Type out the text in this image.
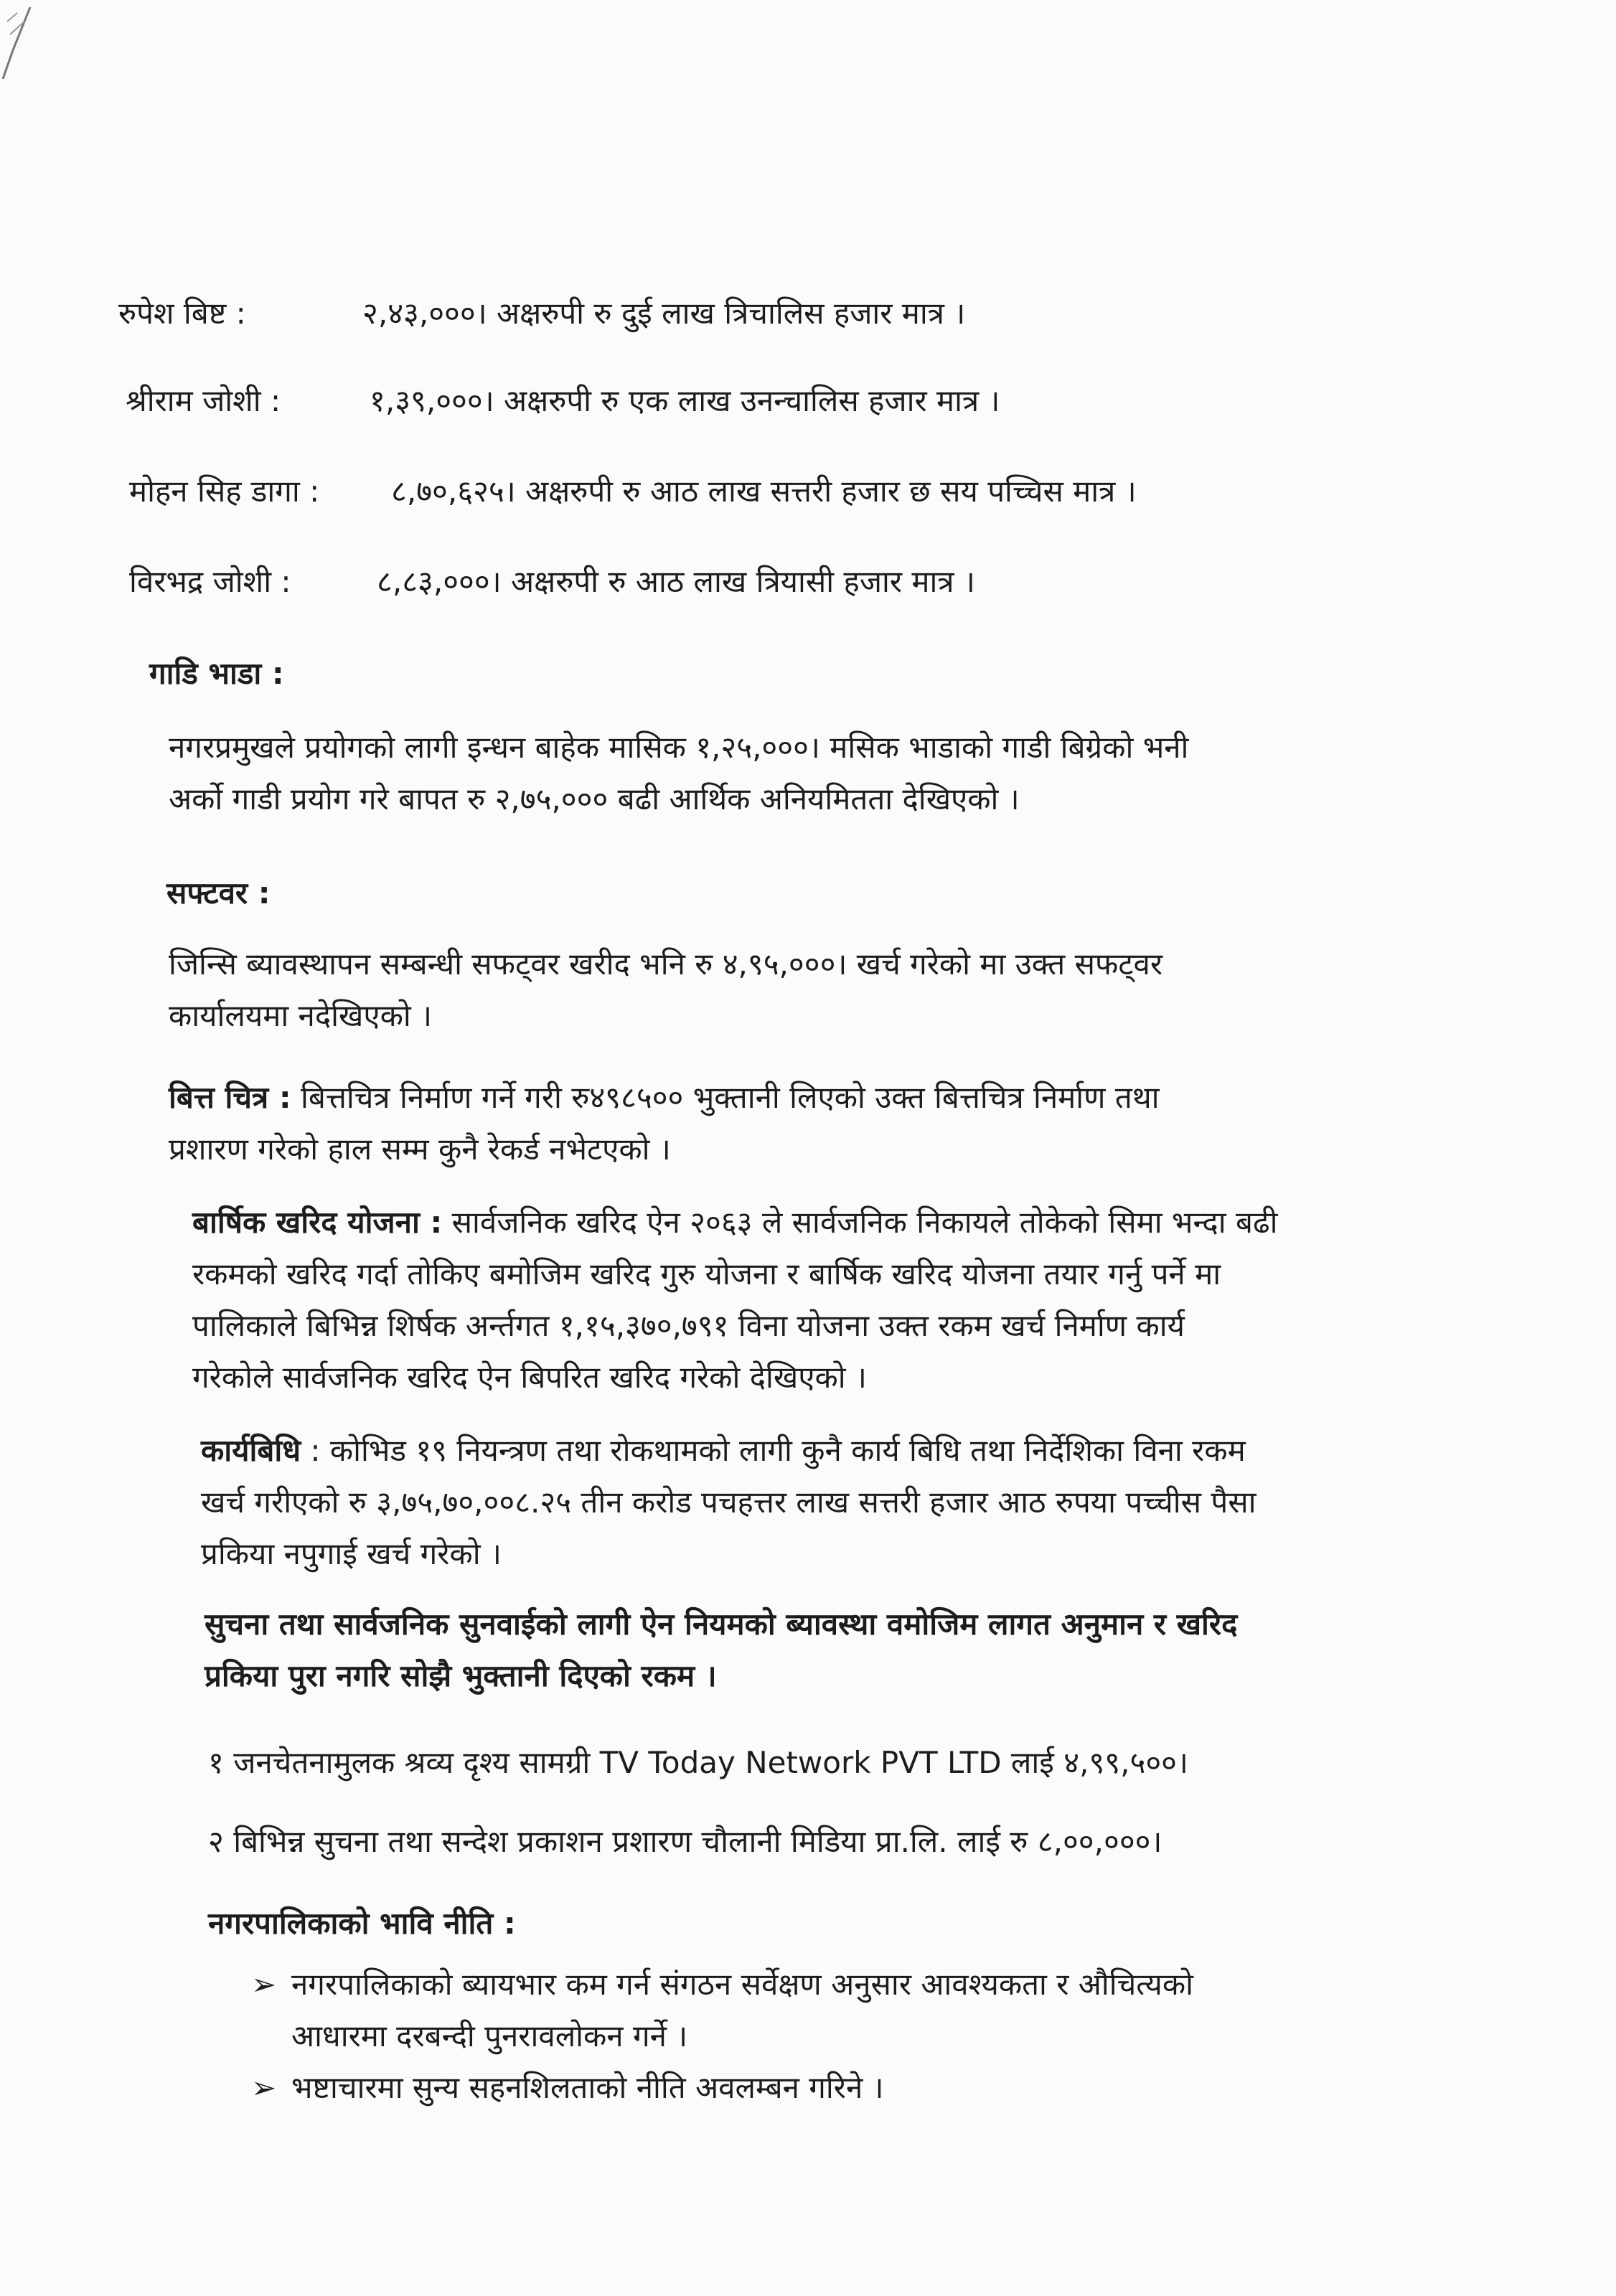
रुपेश बिष्ट :	२,४३,०००। अक्षरुपी रु दुई लाख त्रिचालिस हजार मात्र ।
श्रीराम जोशी :	१,३९,०००। अक्षरुपी रु एक लाख उनन्चालिस हजार मात्र ।
मोहन सिह डागा : ८,७०,६२५। अक्षरुपी रु आठ लाख सत्तरी हजार छ सय पच्चिस मात्र ।
विरभद्र जोशी :	८,८३,०००। अक्षरुपी रु आठ लाख त्रियासी हजार मात्र ।
गाडि भाडा :

नगरप्रमुखले प्रयोगको लागी इन्धन बाहेक मासिक १,२५,०००। मसिक भाडाको गाडी बिग्रेको भनी

अर्को गाडी प्रयोग गरे बापत रु २,७५,००० बढी आर्थिक अनियमितता देखिएको ।

सफ्टवर :

जिन्सि ब्यावस्थापन सम्बन्धी सफट्वर खरीद भनि रु ४,९५,०००। खर्च गरेको मा उक्त सफट्वर

कार्यालयमा नदेखिएको ।

बित्त चित्र : बित्तचित्र निर्माण गर्ने गरी रु४९८५०० भुक्तानी लिएको उक्त बित्तचित्र निर्माण तथा

प्रशारण गरेको हाल सम्म कुनै रेकर्ड नभेटएको ।

बार्षिक खरिद योजना : सार्वजनिक खरिद ऐन २०६३ ले सार्वजनिक निकायले तोकेको सिमा भन्दा बढी

रकमको खरिद गर्दा तोकिए बमोजिम खरिद गुरु योजना र बार्षिक खरिद योजना तयार गर्नु पर्ने मा

पालिकाले बिभिन्न शिर्षक अर्न्तगत १,१५,३७०,७९१ विना योजना उक्त रकम खर्च निर्माण कार्य

गरेकोले सार्वजनिक खरिद ऐन बिपरित खरिद गरेको देखिएको ।

कार्यबिधि : कोभिड १९ नियन्त्रण तथा रोकथामको लागी कुनै कार्य बिधि तथा निर्देशिका विना रकम

खर्च गरीएको रु ३,७५,७०,००८.२५ तीन करोड पचहत्तर लाख सत्तरी हजार आठ रुपया पच्चीस पैसा

प्रकिया नपुगाई खर्च गरेको ।

सुचना तथा सार्वजनिक सुनवाईको लागी ऐन नियमको ब्यावस्था वमोजिम लागत अनुमान र खरिद

प्रकिया पुरा नगरि सोझै भुक्तानी दिएको रकम ।

१ जनचेतनामुलक श्रव्य दृश्य सामग्री TV Today Network PVT LTD लाई ४,९९,५००।
२ बिभिन्न सुचना तथा सन्देश प्रकाशन प्रशारण चौलानी मिडिया प्रा.लि. लाई रु ८,००,०००।
नगरपालिकाको भावि नीति :

➢ नगरपालिकाको ब्यायभार कम गर्न संगठन सर्वेक्षण अनुसार आवश्यकता र औचित्यको

आधारमा दरबन्दी पुनरावलोकन गर्ने ।

➢ भष्टाचारमा सुन्य सहनशिलताको नीति अवलम्बन गरिने ।
